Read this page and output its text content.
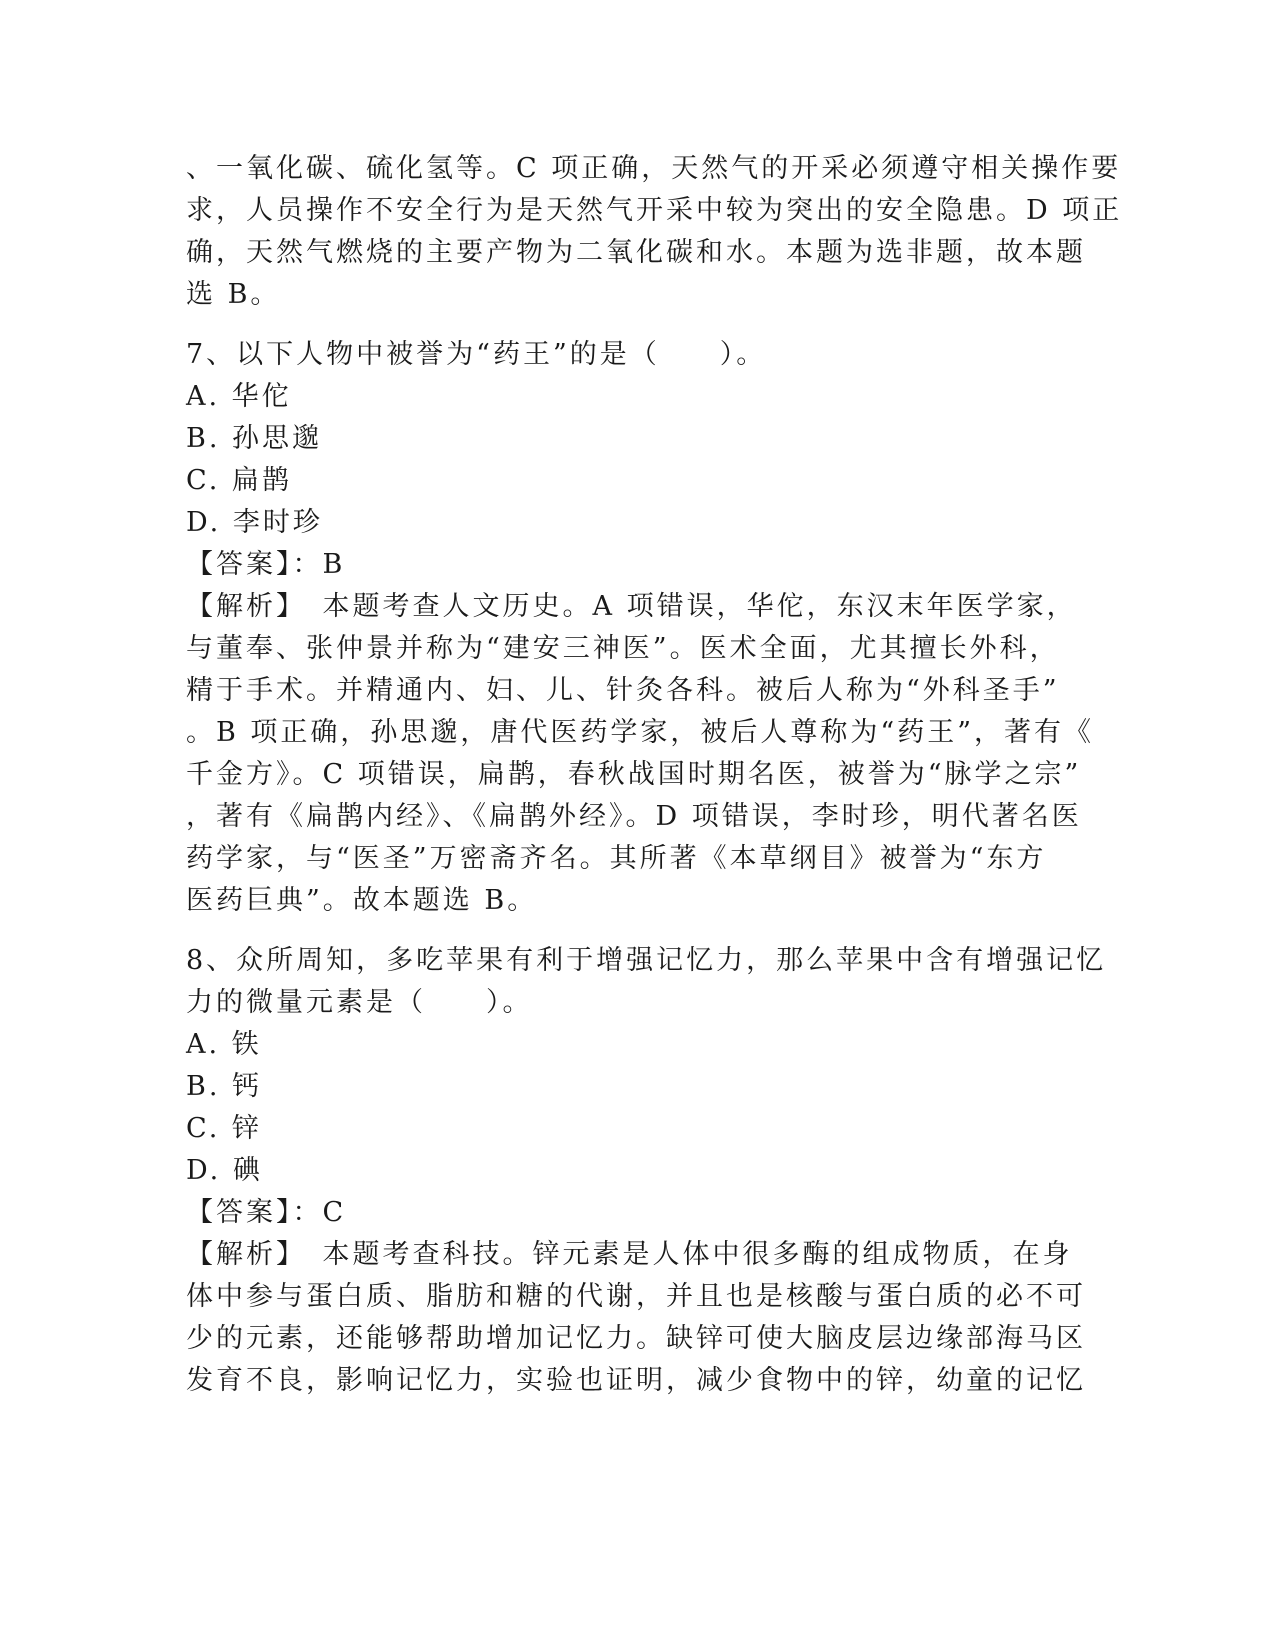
、一氧化碳、硫化氢等。C 项正确，天然气的开采必须遵守相关操作要
求，人员操作不安全行为是天然气开采中较为突出的安全隐患。D 项正
确，天然气燃烧的主要产物为二氧化碳和水。本题为选非题，故本题
选 B。
7、以下人物中被誉为“药王”的是（　　）。
A. 华佗
B. 孙思邈
C. 扁鹊
D. 李时珍
【答案】：B
【解析】　本题考查人文历史。A 项错误，华佗，东汉末年医学家，
与董奉、张仲景并称为“建安三神医”。医术全面，尤其擅长外科，
精于手术。并精通内、妇、儿、针灸各科。被后人称为“外科圣手”
。B 项正确，孙思邈，唐代医药学家，被后人尊称为“药王”，著有《
千金方》。C 项错误，扁鹊，春秋战国时期名医，被誉为“脉学之宗”
，著有《扁鹊内经》、《扁鹊外经》。D 项错误，李时珍，明代著名医
药学家，与“医圣”万密斋齐名。其所著《本草纲目》被誉为“东方
医药巨典”。故本题选 B。
8、众所周知，多吃苹果有利于增强记忆力，那么苹果中含有增强记忆
力的微量元素是（　　）。
A. 铁
B. 钙
C. 锌
D. 碘
【答案】：C
【解析】　本题考查科技。锌元素是人体中很多酶的组成物质，在身
体中参与蛋白质、脂肪和糖的代谢，并且也是核酸与蛋白质的必不可
少的元素，还能够帮助增加记忆力。缺锌可使大脑皮层边缘部海马区
发育不良，影响记忆力，实验也证明，减少食物中的锌，幼童的记忆
